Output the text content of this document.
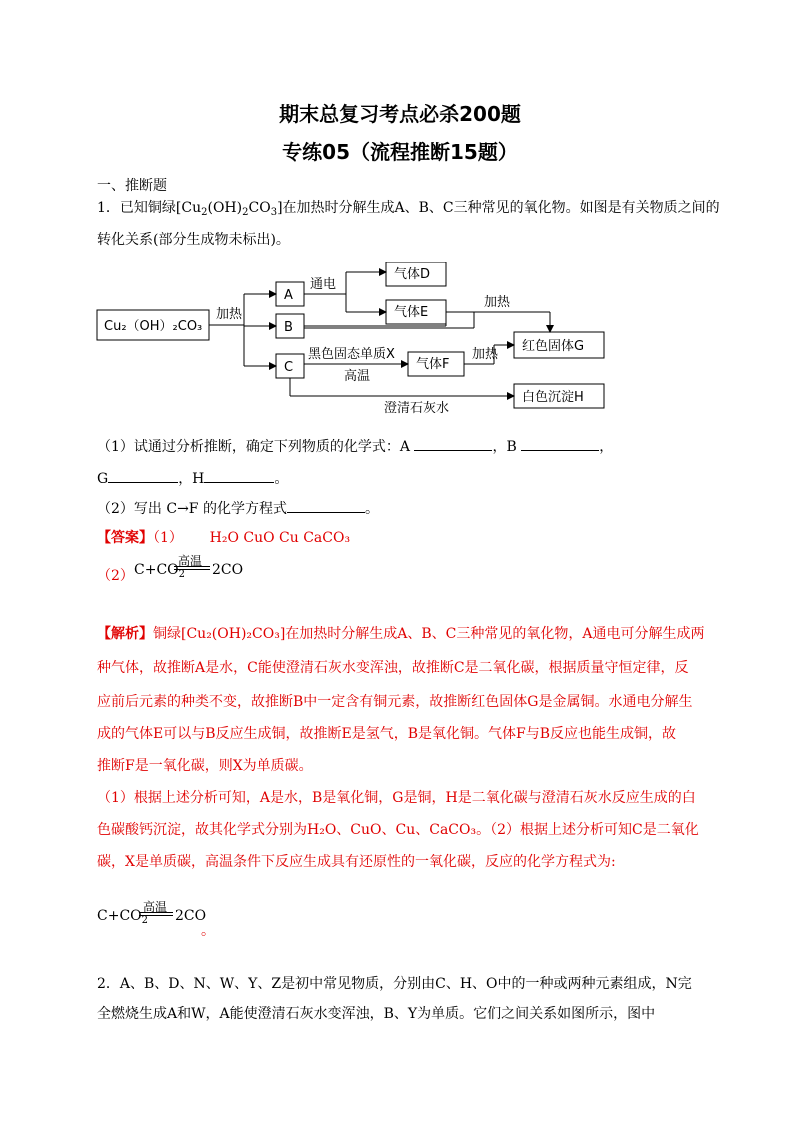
期末总复习考点必杀200题
专练05（流程推断15题）
一、推断题
1．已知铜绿$[Cu_2(OH)_2CO_3]$在加热时分解生成A、B、C三种常见的氧化物。如图是有关物质之间的
转化关系(部分生成物未标出)。
Cu₂（OH）₂CO₃
加热
A
B
C
通电
气体D
气体E
加热
红色固体G
黑色固态单质X
高温
气体F
加热
澄清石灰水
白色沉淀H
（1）试通过分析推断，确定下列物质的化学式：A	，B	，
G	，H	。
（2）写出 C→F 的化学方程式	。
【答案】（1） H₂O CuO Cu CaCO₃
（2）
高温
$C+CO_2$ 2CO
【解析】铜绿[Cu₂(OH)₂CO₃]在加热时分解生成A、B、C三种常见的氧化物，A通电可分解生成两
种气体，故推断A是水，C能使澄清石灰水变浑浊，故推断C是二氧化碳，根据质量守恒定律，反
应前后元素的种类不变，故推断B中一定含有铜元素，故推断红色固体G是金属铜。水通电分解生
成的气体E可以与B反应生成铜，故推断E是氢气，B是氧化铜。气体F与B反应也能生成铜，故
推断F是一氧化碳，则X为单质碳。
（1）根据上述分析可知，A是水，B是氧化铜，G是铜，H是二氧化碳与澄清石灰水反应生成的白
色碳酸钙沉淀，故其化学式分别为H₂O、CuO、Cu、CaCO₃。（2）根据上述分析可知C是二氧化
碳，X是单质碳，高温条件下反应生成具有还原性的一氧化碳，反应的化学方程式为:
高温
$C+CO_2$ 2CO
。
2．A、B、D、N、W、Y、Z是初中常见物质，分别由C、H、O中的一种或两种元素组成，N完
全燃烧生成A和W，A能使澄清石灰水变浑浊，B、Y为单质。它们之间关系如图所示，图中
